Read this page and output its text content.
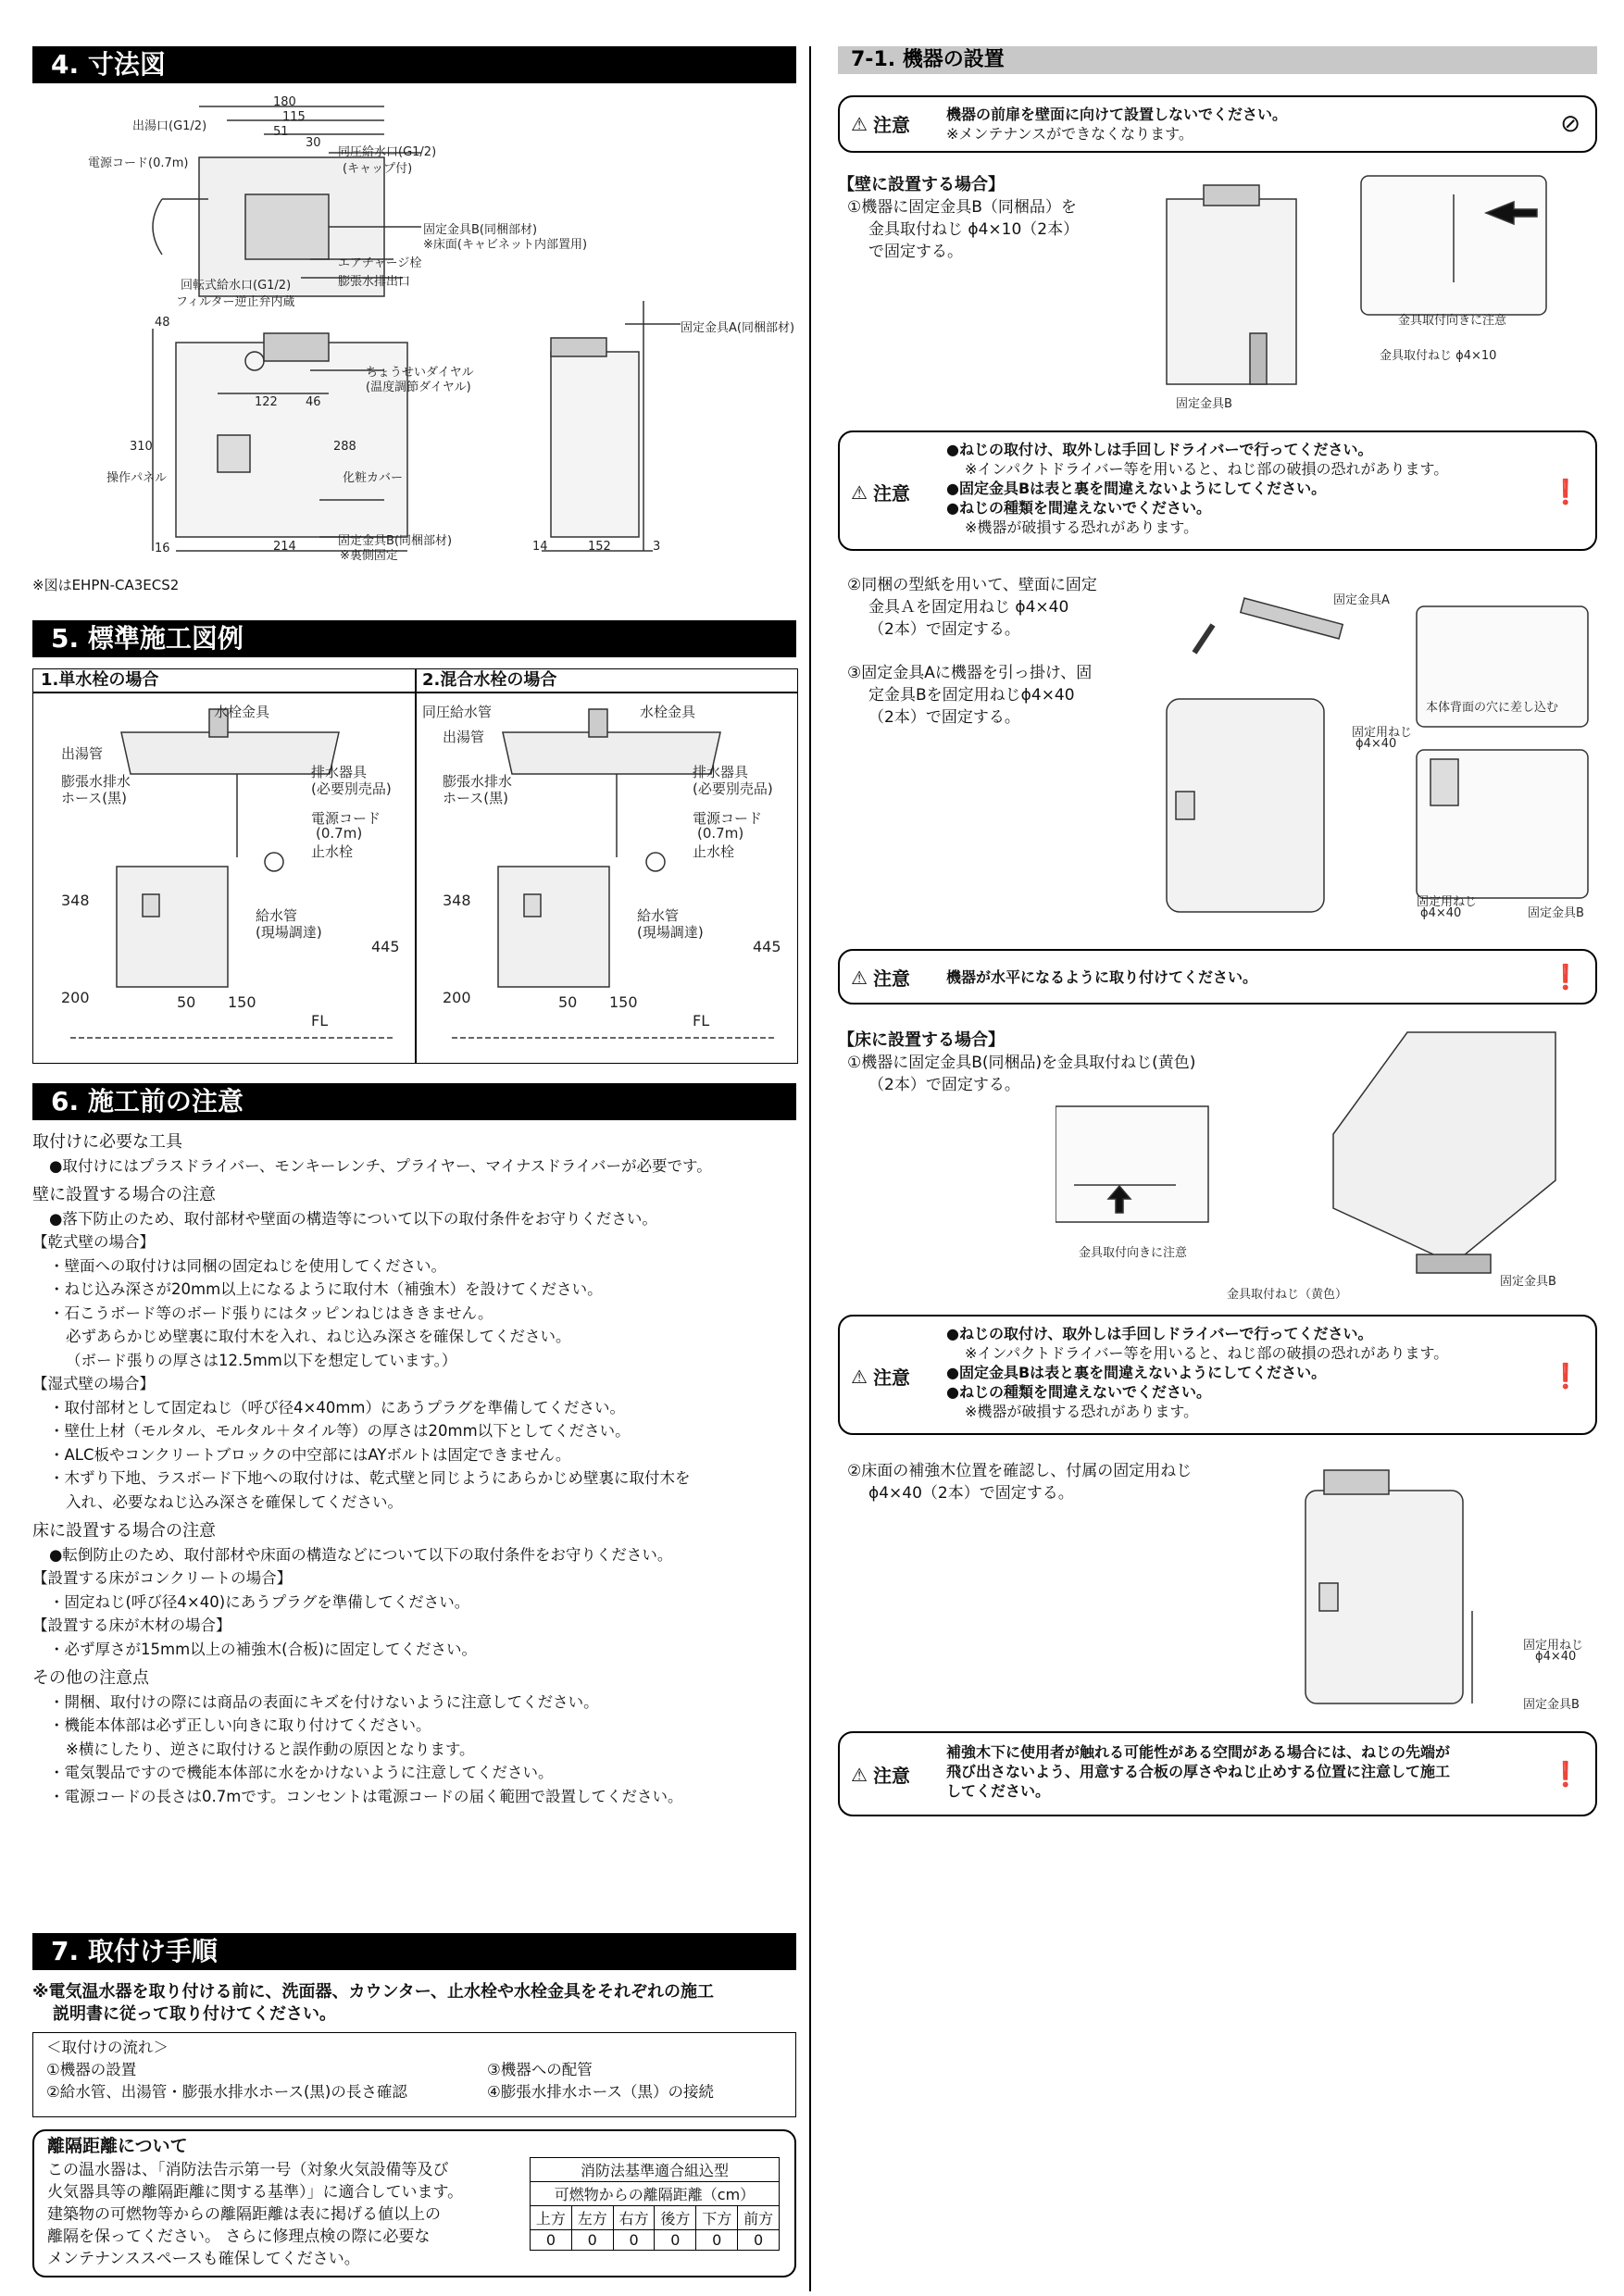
4. 寸法図
出湯口(G1/2)
電源コード(0.7m)
同圧給水口(G1/2)
(キャップ付)
固定金具B(同梱部材)
※床面(キャビネット内部置用)
エアチャージ栓
膨張水排出口
回転式給水口(G1/2)
フィルター逆止弁内蔵
ちょうせいダイヤル
(温度調節ダイヤル)
操作パネル	化粧カバー
固定金具B(同梱部材)
※裏側固定
固定金具A(同梱部材)
180
115
51
30
122 46
310	288
214	152
14	3
16
48
※図はEHPN-CA3ECS2
5. 標準施工図例
1.単水栓の場合	2.混合水栓の場合
水栓金具
出湯管
膨張水排水
ホース(黒)
排水器具
(必要別売品)
電源コード
(0.7m)
止水栓
給水管
(現場調達)
348
445
200	50 150
FL
同圧給水管	水栓金具
出湯管
膨張水排水
ホース(黒)
排水器具
(必要別売品)
電源コード
(0.7m)
止水栓
給水管
(現場調達)
348
445
200	50 150
FL
6. 施工前の注意
取付けに必要な工具
●取付けにはプラスドライバー、モンキーレンチ、プライヤー、マイナスドライバーが必要です。
壁に設置する場合の注意
●落下防止のため、取付部材や壁面の構造等について以下の取付条件をお守りください。
【乾式壁の場合】
・壁面への取付けは同梱の固定ねじを使用してください。
・ねじ込み深さが20mm以上になるように取付木（補強木）を設けてください。
・石こうボード等のボード張りにはタッピンねじはききません。
必ずあらかじめ壁裏に取付木を入れ、ねじ込み深さを確保してください。
（ボード張りの厚さは12.5mm以下を想定しています。）
【湿式壁の場合】
・取付部材として固定ねじ（呼び径4×40mm）にあうプラグを準備してください。
・壁仕上材（モルタル、モルタル＋タイル等）の厚さは20mm以下としてください。
・ALC板やコンクリートブロックの中空部にはAYボルトは固定できません。
・木ずり下地、ラスボード下地への取付けは、乾式壁と同じようにあらかじめ壁裏に取付木を
入れ、必要なねじ込み深さを確保してください。
床に設置する場合の注意
●転倒防止のため、取付部材や床面の構造などについて以下の取付条件をお守りください。
【設置する床がコンクリートの場合】
・固定ねじ(呼び径4×40)にあうプラグを準備してください。
【設置する床が木材の場合】
・必ず厚さが15mm以上の補強木(合板)に固定してください。
その他の注意点
・開梱、取付けの際には商品の表面にキズを付けないように注意してください。
・機能本体部は必ず正しい向きに取り付けてください。
※横にしたり、逆さに取付けると誤作動の原因となります。
・電気製品ですので機能本体部に水をかけないように注意してください。
・電源コードの長さは0.7mです。コンセントは電源コードの届く範囲で設置してください。
7. 取付け手順
※電気温水器を取り付ける前に、洗面器、カウンター、止水栓や水栓金具をそれぞれの施工
説明書に従って取り付けてください。
＜取付けの流れ＞
①機器の設置
②給水管、出湯管・膨張水排水ホース(黒)の長さ確認
③機器への配管
④膨張水排水ホース（黒）の接続
離隔距離について
この温水器は、「消防法告示第一号（対象火気設備等及び
火気器具等の離隔距離に関する基準）」に適合しています。
建築物の可燃物等からの離隔距離は表に掲げる値以上の
離隔を保ってください。 さらに修理点検の際に必要な
メンテナンススペースも確保してください。
消防法基準適合組込型					
可燃物からの離隔距離（cm）					
上方	左方	右方	後方	下方	前方
0	0	0	0	0	0
7-1. 機器の設置
⚠ 注意 機器の前扉を壁面に向けて設置しないでください。
※メンテナンスができなくなります。	⊘
【壁に設置する場合】
①機器に固定金具B（同梱品）を
金具取付ねじ ϕ4×10（2本）
で固定する。
金具取付向きに注意
金具取付ねじ ϕ4×10
固定金具B
⚠ 注意
●ねじの取付け、取外しは手回しドライバーで行ってください。
※インパクトドライバー等を用いると、ねじ部の破損の恐れがあります。
●固定金具Bは表と裏を間違えないようにしてください。
●ねじの種類を間違えないでください。
※機器が破損する恐れがあります。
❗
②同梱の型紙を用いて、壁面に固定
金具Ａを固定用ねじ ϕ4×40
（2本）で固定する。
③固定金具Aに機器を引っ掛け、固
定金具Bを固定用ねじϕ4×40
（2本）で固定する。
固定金具A
本体背面の穴に差し込む
固定用ねじ
ϕ4×40
固定用ねじ
ϕ4×40	固定金具B
⚠ 注意 機器が水平になるように取り付けてください。	❗
【床に設置する場合】
①機器に固定金具B(同梱品)を金具取付ねじ(黄色)
（2本）で固定する。
金具取付向きに注意
金具取付ねじ（黄色）
固定金具B
⚠ 注意
●ねじの取付け、取外しは手回しドライバーで行ってください。
※インパクトドライバー等を用いると、ねじ部の破損の恐れがあります。
●固定金具Bは表と裏を間違えないようにしてください。
●ねじの種類を間違えないでください。
※機器が破損する恐れがあります。
❗
②床面の補強木位置を確認し、付属の固定用ねじ
ϕ4×40（2本）で固定する。
固定用ねじ
ϕ4×40
固定金具B
⚠ 注意
補強木下に使用者が触れる可能性がある空間がある場合には、ねじの先端が
飛び出さないよう、用意する合板の厚さやねじ止めする位置に注意して施工
してください。
❗
